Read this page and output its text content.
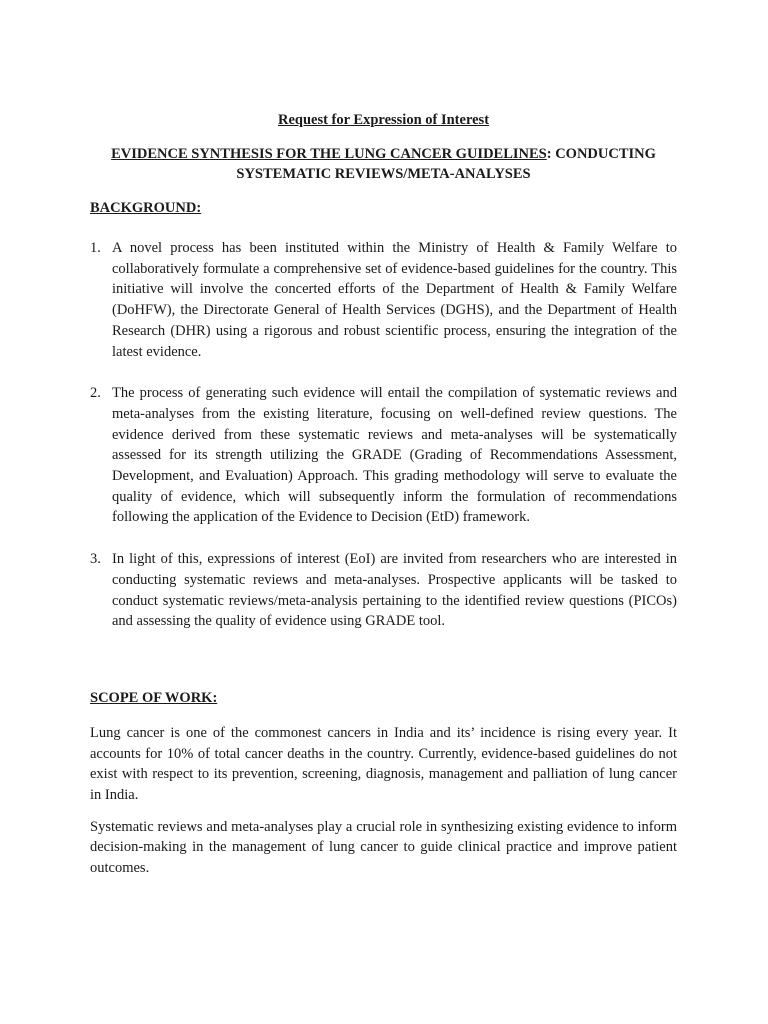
Request for Expression of Interest

EVIDENCE SYNTHESIS FOR THE LUNG CANCER GUIDELINES: CONDUCTING SYSTEMATIC REVIEWS/META-ANALYSES

BACKGROUND:

1. A novel process has been instituted within the Ministry of Health & Family Welfare to collaboratively formulate a comprehensive set of evidence-based guidelines for the country. This initiative will involve the concerted efforts of the Department of Health & Family Welfare (DoHFW), the Directorate General of Health Services (DGHS), and the Department of Health Research (DHR) using a rigorous and robust scientific process, ensuring the integration of the latest evidence.
2. The process of generating such evidence will entail the compilation of systematic reviews and meta-analyses from the existing literature, focusing on well-defined review questions. The evidence derived from these systematic reviews and meta-analyses will be systematically assessed for its strength utilizing the GRADE (Grading of Recommendations Assessment, Development, and Evaluation) Approach. This grading methodology will serve to evaluate the quality of evidence, which will subsequently inform the formulation of recommendations following the application of the Evidence to Decision (EtD) framework.
3. In light of this, expressions of interest (EoI) are invited from researchers who are interested in conducting systematic reviews and meta-analyses. Prospective applicants will be tasked to conduct systematic reviews/meta-analysis pertaining to the identified review questions (PICOs) and assessing the quality of evidence using GRADE tool.

SCOPE OF WORK:

Lung cancer is one of the commonest cancers in India and its’ incidence is rising every year. It accounts for 10% of total cancer deaths in the country. Currently, evidence-based guidelines do not exist with respect to its prevention, screening, diagnosis, management and palliation of lung cancer in India.

Systematic reviews and meta-analyses play a crucial role in synthesizing existing evidence to inform decision-making in the management of lung cancer to guide clinical practice and improve patient outcomes.
